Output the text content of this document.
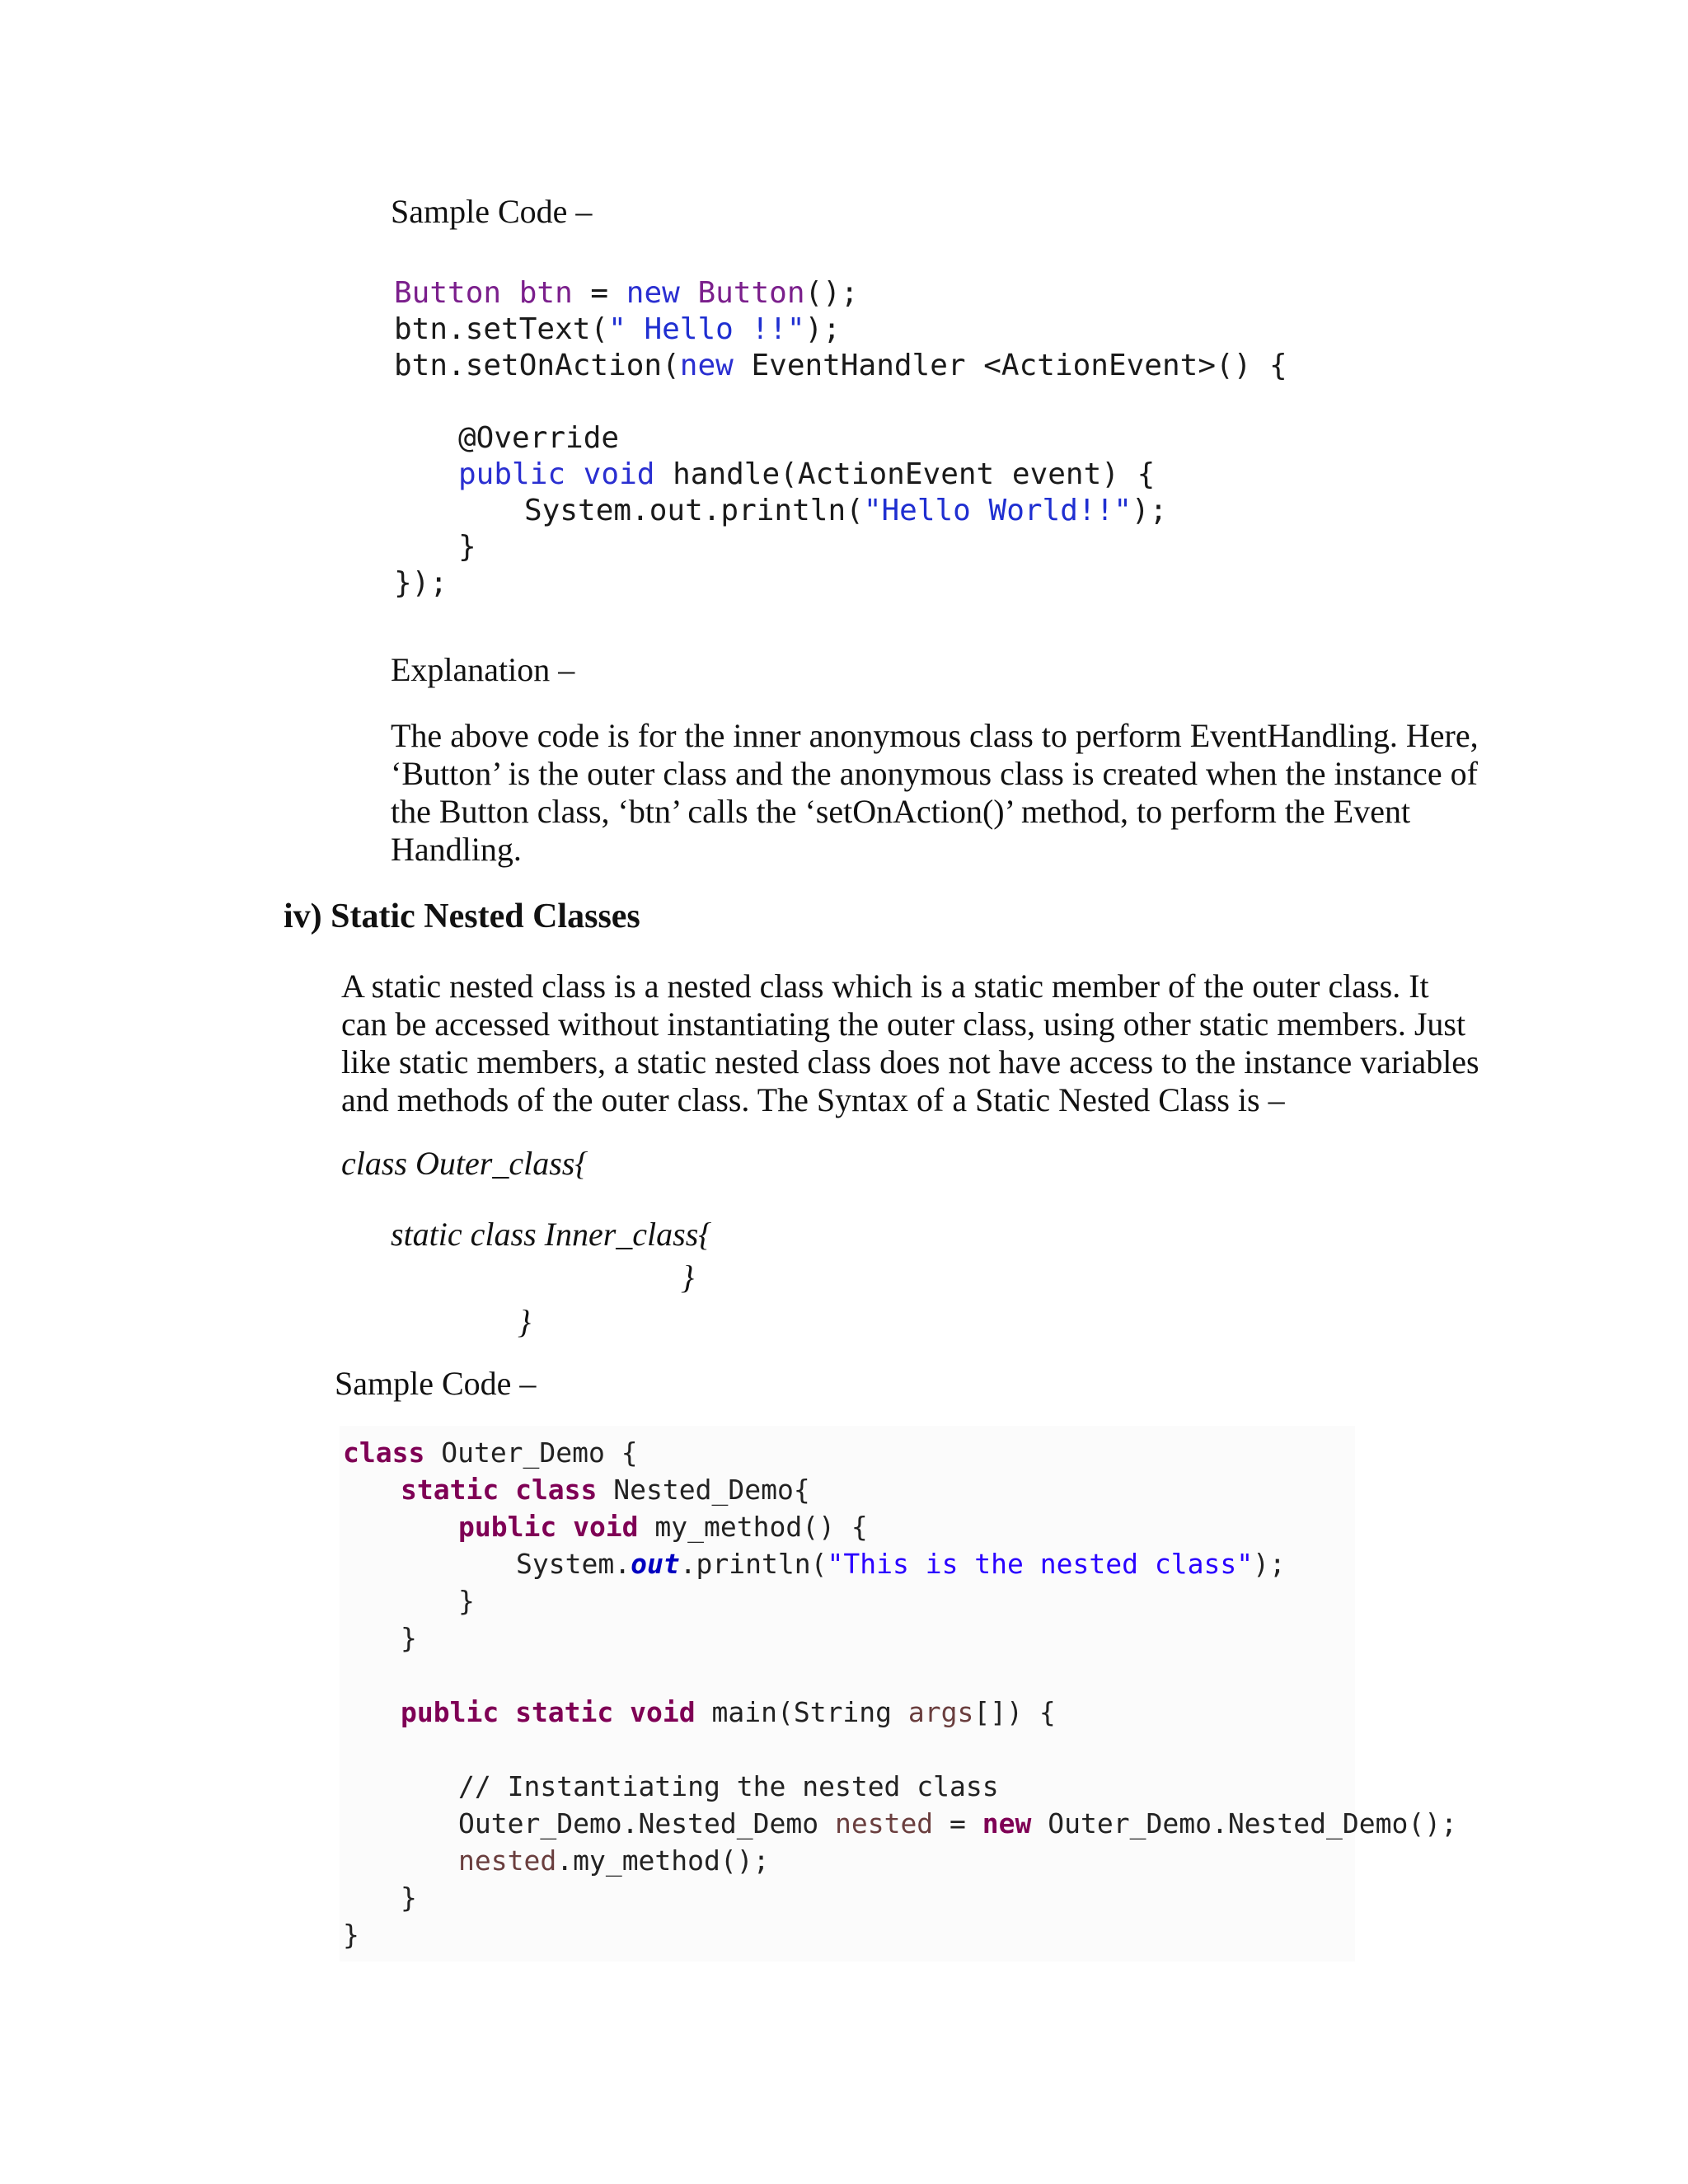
Sample Code –
Button btn = new Button();
btn.setText(" Hello !!");
btn.setOnAction(new EventHandler <ActionEvent>() {
@Override
public void handle(ActionEvent event) {
System.out.println("Hello World!!");
}
});
Explanation –
The above code is for the inner anonymous class to perform EventHandling. Here,
‘Button’ is the outer class and the anonymous class is created when the instance of
the Button class, ‘btn’ calls the ‘setOnAction()’ method, to perform the Event
Handling.
iv) Static Nested Classes
A static nested class is a nested class which is a static member of the outer class. It
can be accessed without instantiating the outer class, using other static members. Just
like static members, a static nested class does not have access to the instance variables
and methods of the outer class. The Syntax of a Static Nested Class is –
class Outer_class{
static class Inner_class{
}
}
Sample Code –
class Outer_Demo {
static class Nested_Demo{
public void my_method() {
System.out.println("This is the nested class");
}
}
public static void main(String args[]) {
// Instantiating the nested class
Outer_Demo.Nested_Demo nested = new Outer_Demo.Nested_Demo();
nested.my_method();
}
}
